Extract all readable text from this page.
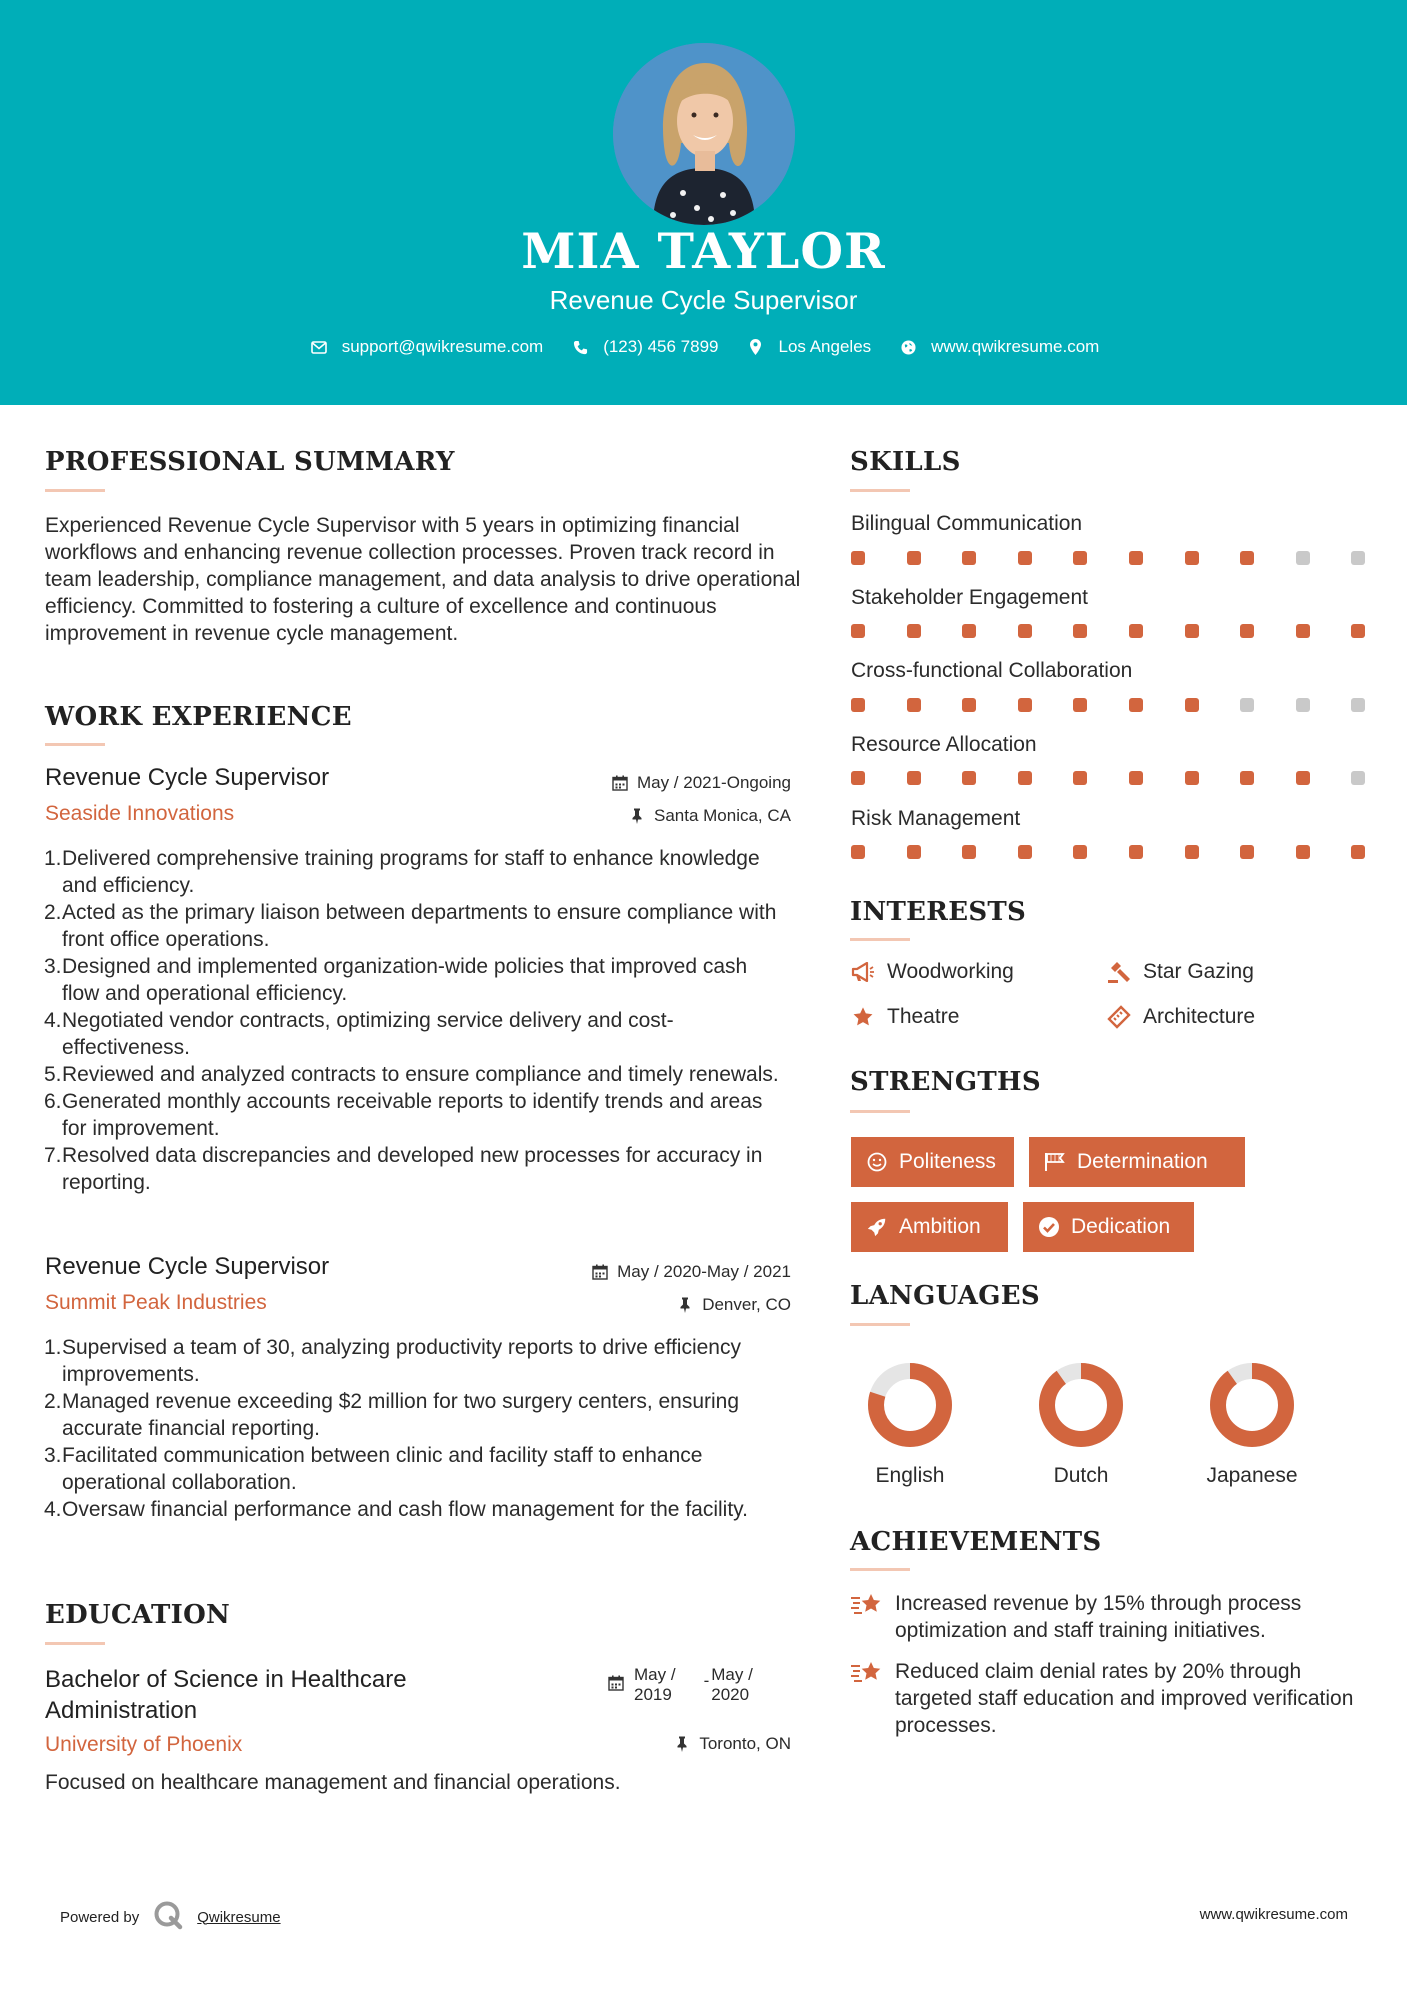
MIA TAYLOR
Revenue Cycle Supervisor
support@qwikresume.com	(123) 456 7899	Los Angeles	www.qwikresume.com
PROFESSIONAL SUMMARY
Experienced Revenue Cycle Supervisor with 5 years in optimizing financial workflows and enhancing revenue collection processes. Proven track record in team leadership, compliance management, and data analysis to drive operational efficiency. Committed to fostering a culture of excellence and continuous improvement in revenue cycle management.
WORK EXPERIENCE
Revenue Cycle Supervisor	May / 2021-Ongoing
Seaside Innovations	Santa Monica, CA
1. Delivered comprehensive training programs for staff to enhance knowledge and efficiency.
2. Acted as the primary liaison between departments to ensure compliance with front office operations.
3. Designed and implemented organization-wide policies that improved cash flow and operational efficiency.
4. Negotiated vendor contracts, optimizing service delivery and cost-effectiveness.
5. Reviewed and analyzed contracts to ensure compliance and timely renewals.
6. Generated monthly accounts receivable reports to identify trends and areas for improvement.
7. Resolved data discrepancies and developed new processes for accuracy in reporting.
Revenue Cycle Supervisor	May / 2020-May / 2021
Summit Peak Industries	Denver, CO
1. Supervised a team of 30, analyzing productivity reports to drive efficiency improvements.
2. Managed revenue exceeding $2 million for two surgery centers, ensuring accurate financial reporting.
3. Facilitated communication between clinic and facility staff to enhance operational collaboration.
4. Oversaw financial performance and cash flow management for the facility.
EDUCATION
Bachelor of Science in Healthcare
Administration
May /
2019
- May /
2020
University of Phoenix	Toronto, ON
Focused on healthcare management and financial operations.
SKILLS
Bilingual Communication
Stakeholder Engagement
Cross-functional Collaboration
Resource Allocation
Risk Management
INTERESTS
Woodworking	Star Gazing
Theatre	Architecture
STRENGTHS
Politeness	Determination
Ambition	Dedication
LANGUAGES
English	Dutch	Japanese
ACHIEVEMENTS
Increased revenue by 15% through process optimization and staff training initiatives.
Reduced claim denial rates by 20% through targeted staff education and improved verification processes.
Powered by	Qwikresume	www.qwikresume.com
